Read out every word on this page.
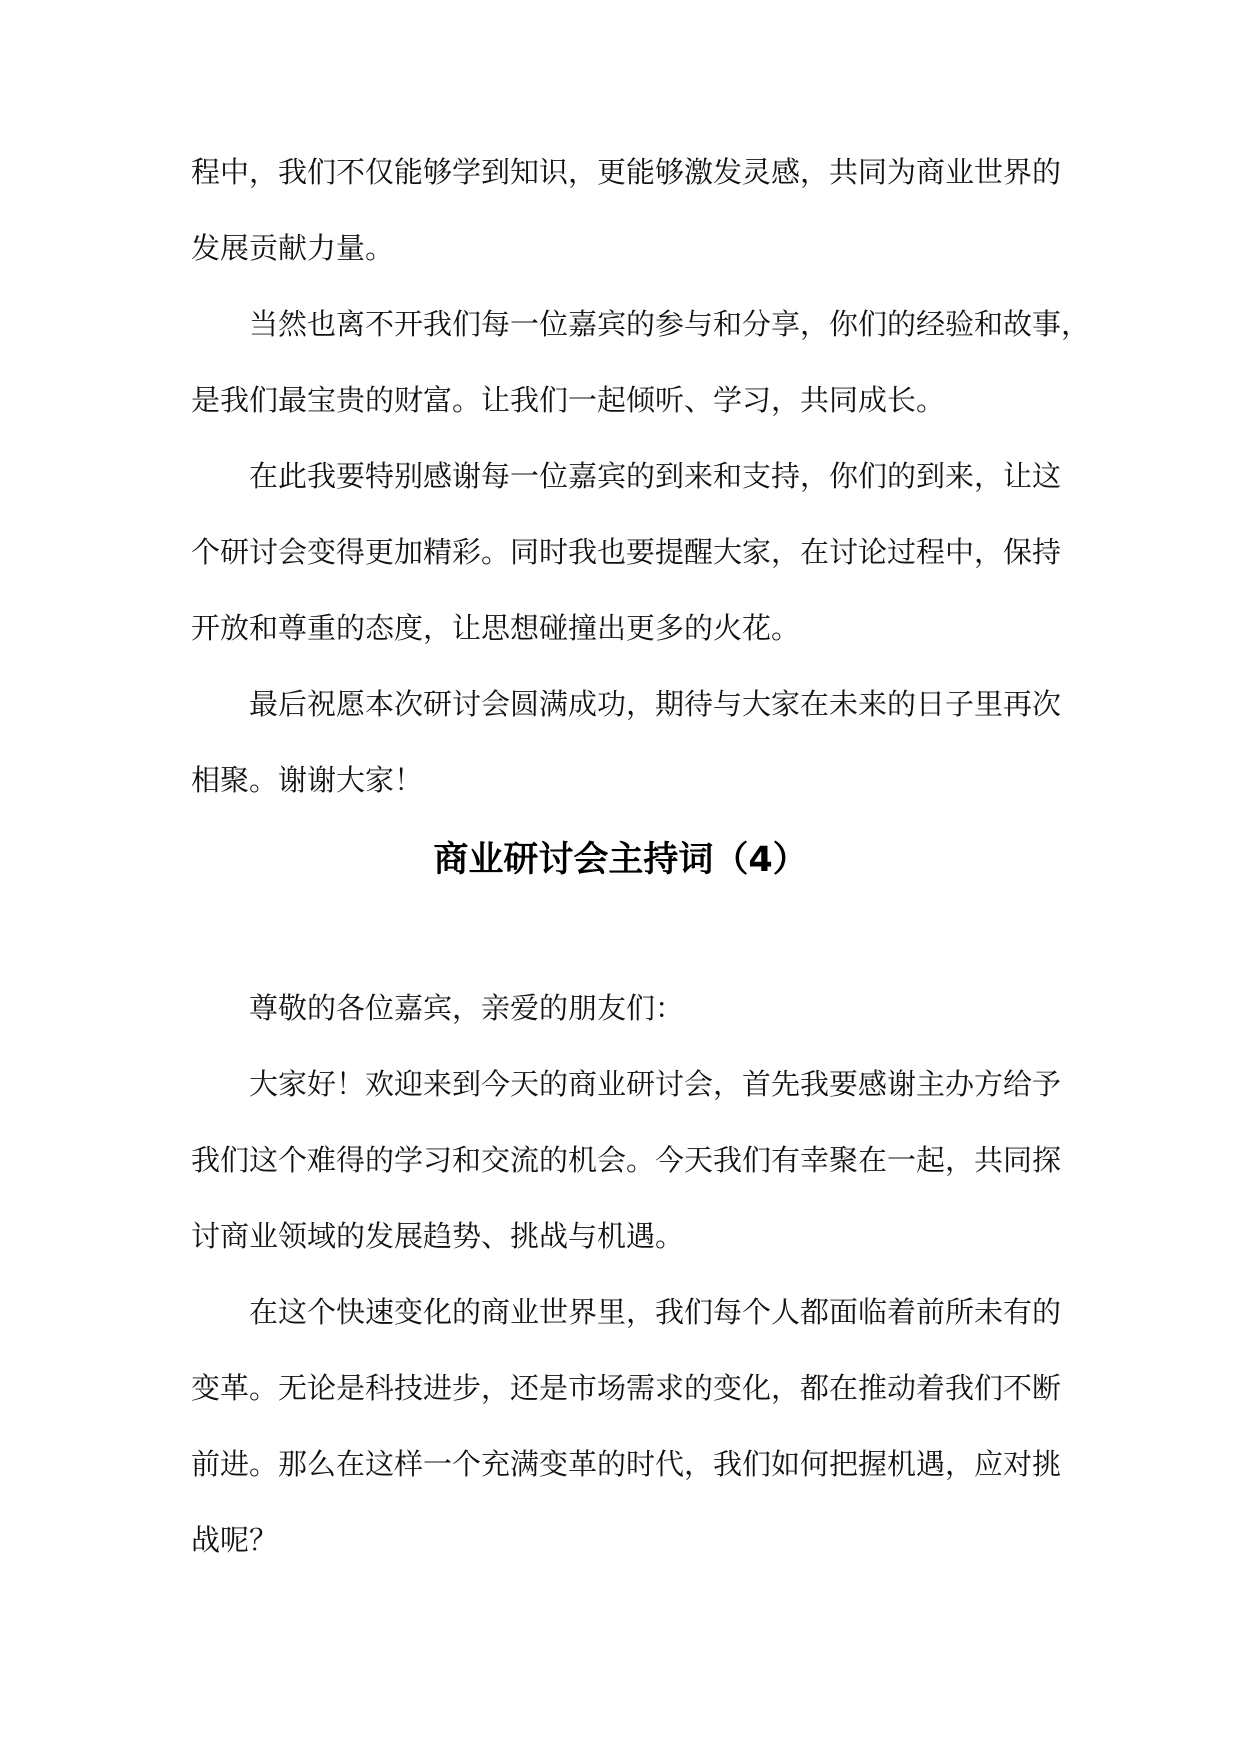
程中，我们不仅能够学到知识，更能够激发灵感，共同为商业世界的
发展贡献力量。
当然也离不开我们每一位嘉宾的参与和分享，你们的经验和故事，
是我们最宝贵的财富。让我们一起倾听、学习，共同成长。
在此我要特别感谢每一位嘉宾的到来和支持，你们的到来，让这
个研讨会变得更加精彩。同时我也要提醒大家，在讨论过程中，保持
开放和尊重的态度，让思想碰撞出更多的火花。
最后祝愿本次研讨会圆满成功，期待与大家在未来的日子里再次
相聚。谢谢大家！
商业研讨会主持词（4）
尊敬的各位嘉宾，亲爱的朋友们：
大家好！欢迎来到今天的商业研讨会，首先我要感谢主办方给予
我们这个难得的学习和交流的机会。今天我们有幸聚在一起，共同探
讨商业领域的发展趋势、挑战与机遇。
在这个快速变化的商业世界里，我们每个人都面临着前所未有的
变革。无论是科技进步，还是市场需求的变化，都在推动着我们不断
前进。那么在这样一个充满变革的时代，我们如何把握机遇，应对挑
战呢？
